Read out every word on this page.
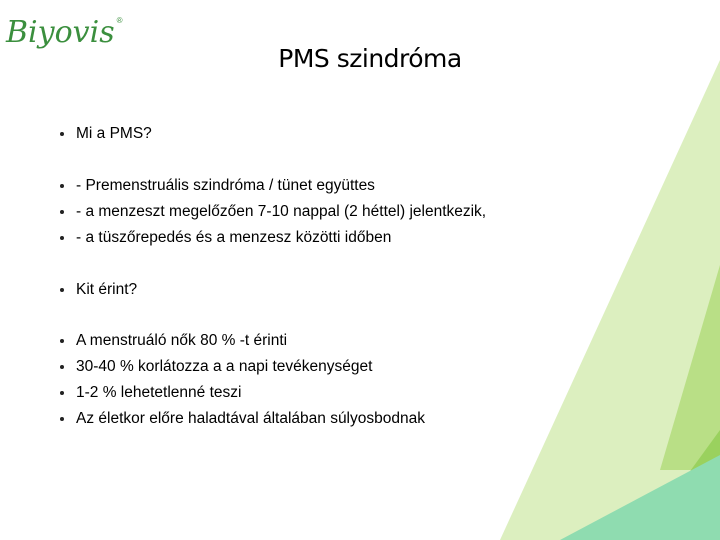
Biyovis ®
PMS szindróma
Mi a PMS?
- Premenstruális szindróma / tünet együttes
- a menzeszt megelőzően 7-10 nappal (2 héttel) jelentkezik,
- a tüszőrepedés és a menzesz közötti időben
Kit érint?
A menstruáló nők 80 % -t érinti
30-40 % korlátozza a a napi tevékenységet
1-2 % lehetetlenné teszi
Az életkor előre haladtával általában súlyosbodnak
